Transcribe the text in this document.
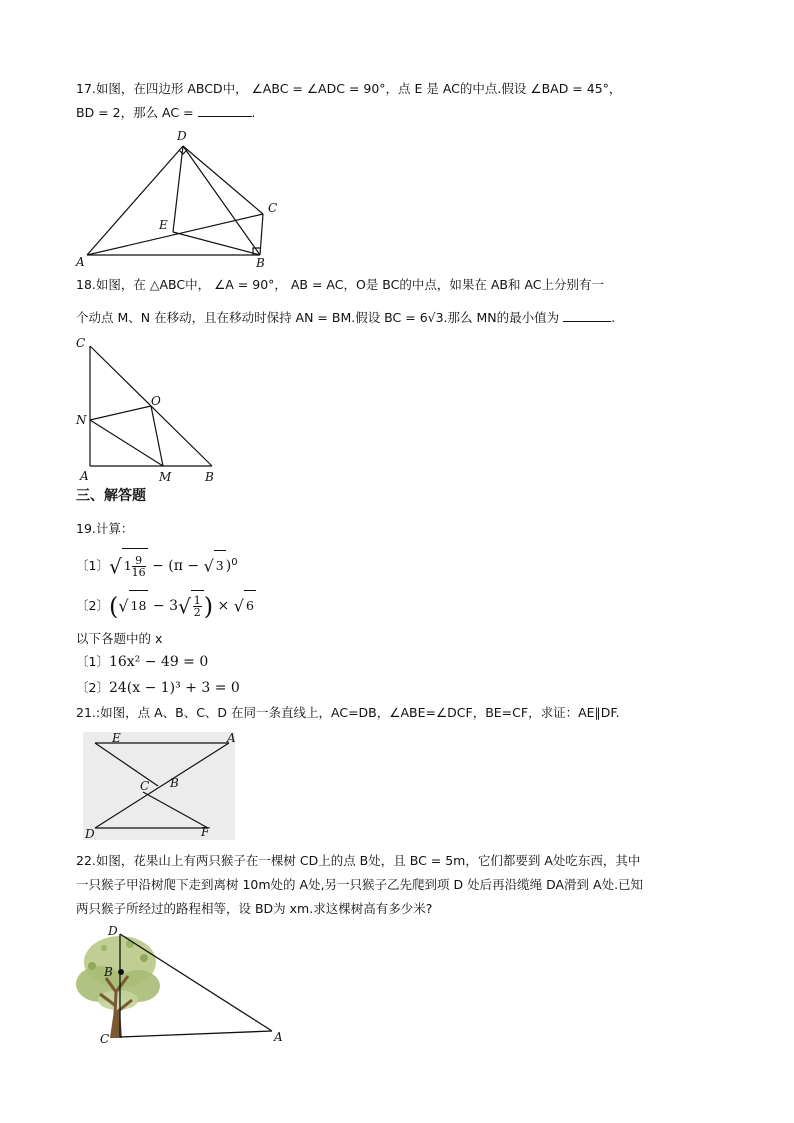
17.如图，在四边形 ABCD中， ∠ABC = ∠ADC = 90°，点 E 是 AC的中点.假设 ∠BAD = 45°，
BD = 2，那么 AC =	.
D
C
E
A	B
18.如图，在 △ABC中， ∠A = 90°， AB = AC，O是 BC的中点，如果在 AB和 AC上分别有一
个动点 M、N 在移动，且在移动时保持 AN = BM.假设 BC = 6√3.那么 MN的最小值为	.
C
O
N
A	M	B
三、解答题
19.计算：
〔1〕√ $1 \frac{9}{16} - (\pi$ − √ 3 )$^0$
〔2〕(√ $18 - 3√ \frac{1}{2}$ ) × √ 6
以下各题中的 x
〔1〕16x² − 49 = 0
〔2〕24(x − 1)³ + 3 = 0
21.:如图，点 A、B、C、D 在同一条直线上，AC=DB，∠ABE=∠DCF，BE=CF，求证：AE∥DF.
E	A
C B
D	F
22.如图，花果山上有两只猴子在一棵树 CD上的点 B处，且 BC = 5m，它们都要到 A处吃东西，其中
一只猴子甲沿树爬下走到离树 10m处的 A处,另一只猴子乙先爬到项 D 处后再沿缆绳 DA滑到 A处.已知
两只猴子所经过的路程相等，设 BD为 xm.求这棵树高有多少米?
D
B
C	A
